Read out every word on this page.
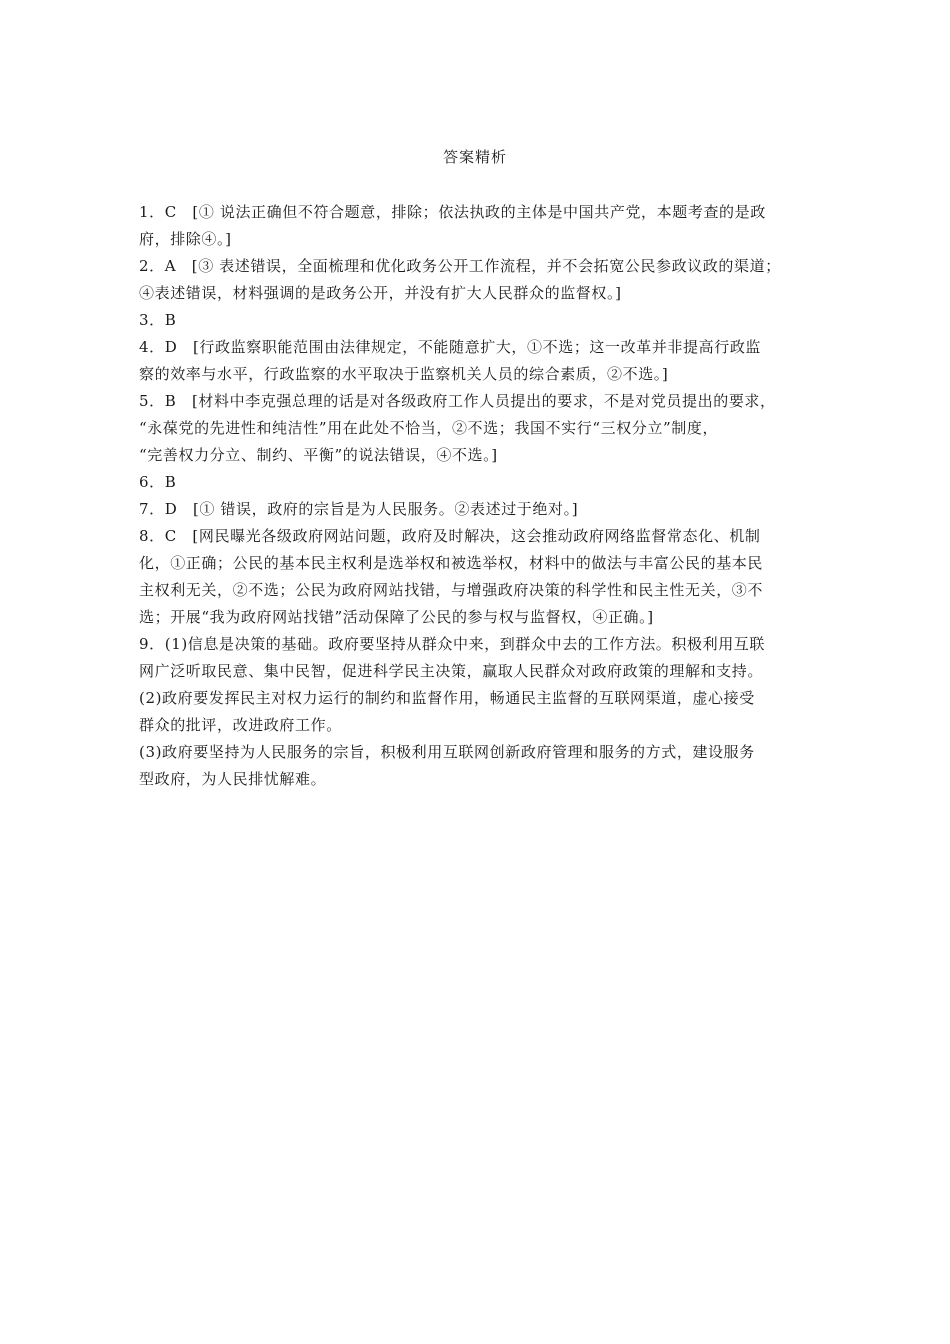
答案精析
1．C　[① 说法正确但不符合题意，排除；依法执政的主体是中国共产党，本题考查的是政
府，排除④。]
2．A　[③ 表述错误，全面梳理和优化政务公开工作流程，并不会拓宽公民参政议政的渠道；
④表述错误，材料强调的是政务公开，并没有扩大人民群众的监督权。]
3．B
4．D　[行政监察职能范围由法律规定，不能随意扩大，①不选；这一改革并非提高行政监
察的效率与水平，行政监察的水平取决于监察机关人员的综合素质，②不选。]
5．B　[材料中李克强总理的话是对各级政府工作人员提出的要求，不是对党员提出的要求，
“永葆党的先进性和纯洁性”用在此处不恰当，②不选；我国不实行“三权分立”制度，
“完善权力分立、制约、平衡”的说法错误，④不选。]
6．B
7．D　[① 错误，政府的宗旨是为人民服务。②表述过于绝对。]
8．C　[网民曝光各级政府网站问题，政府及时解决，这会推动政府网络监督常态化、机制
化，①正确；公民的基本民主权利是选举权和被选举权，材料中的做法与丰富公民的基本民
主权利无关，②不选；公民为政府网站找错，与增强政府决策的科学性和民主性无关，③不
选；开展“我为政府网站找错”活动保障了公民的参与权与监督权，④正确。]
9．(1)信息是决策的基础。政府要坚持从群众中来，到群众中去的工作方法。积极利用互联
网广泛听取民意、集中民智，促进科学民主决策，赢取人民群众对政府政策的理解和支持。
(2)政府要发挥民主对权力运行的制约和监督作用，畅通民主监督的互联网渠道，虚心接受
群众的批评，改进政府工作。
(3)政府要坚持为人民服务的宗旨，积极利用互联网创新政府管理和服务的方式，建设服务
型政府，为人民排忧解难。
